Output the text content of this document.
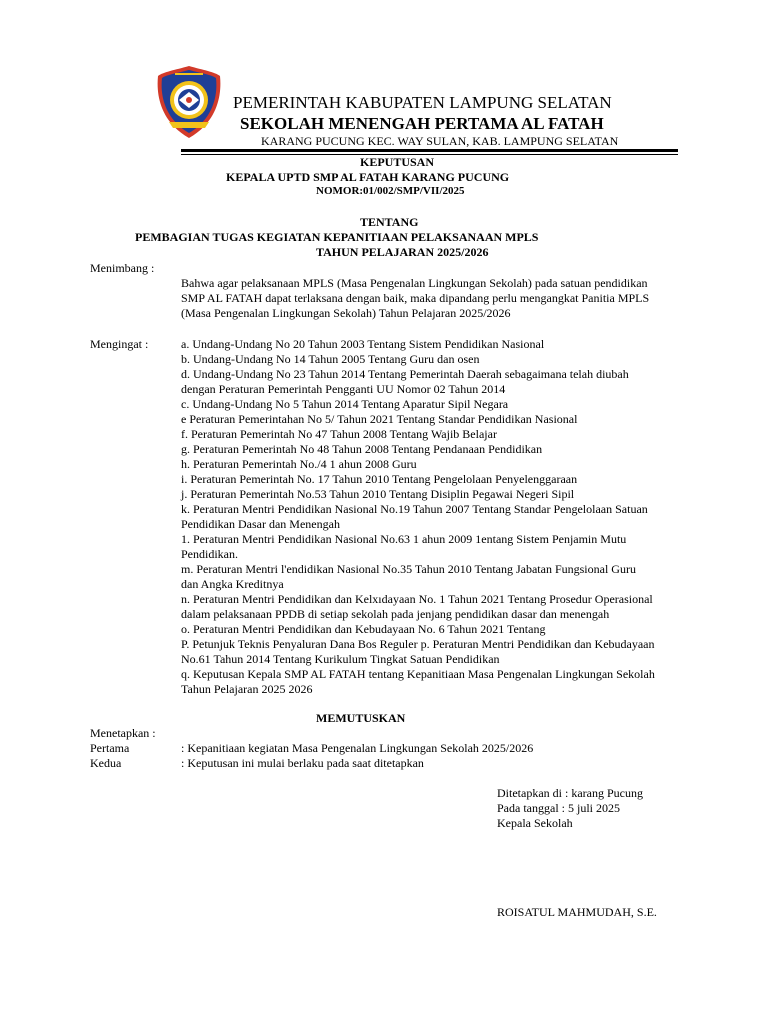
PEMERINTAH KABUPATEN LAMPUNG SELATAN
SEKOLAH MENENGAH PERTAMA AL FATAH
KARANG PUCUNG KEC. WAY SULAN, KAB. LAMPUNG SELATAN
KEPUTUSAN
KEPALA UPTD SMP AL FATAH KARANG PUCUNG
NOMOR:01/002/SMP/VII/2025
TENTANG
PEMBAGIAN TUGAS KEGIATAN KEPANITIAAN PELAKSANAAN MPLS
TAHUN PELAJARAN 2025/2026
Menimbang :

Bahwa agar pelaksanaan MPLS (Masa Pengenalan Lingkungan Sekolah) pada satuan pendidikan

SMP AL FATAH dapat terlaksana dengan baik, maka dipandang perlu mengangkat Panitia MPLS

(Masa Pengenalan Lingkungan Sekolah) Tahun Pelajaran 2025/2026

Mengingat :	a. Undang-Undang No 20 Tahun 2003 Tentang Sistem Pendidikan Nasional

b. Undang-Undang No 14 Tahun 2005 Tentang Guru dan osen

d. Undang-Undang No 23 Tahun 2014 Tentang Pemerintah Daerah sebagaimana telah diubah

dengan Peraturan Pemerintah Pengganti UU Nomor 02 Tahun 2014

c. Undang-Undang No 5 Tahun 2014 Tentang Aparatur Sipil Negara

e Peraturan Pemerintahan No 5/ Tahun 2021 Tentang Standar Pendidikan Nasional

f. Peraturan Pemerintah No 47 Tahun 2008 Tentang Wajib Belajar

g. Peraturan Pemerintah No 48 Tahun 2008 Tentang Pendanaan Pendidikan

h. Peraturan Pemerintah No./4 1 ahun 2008 Guru

i. Peraturan Pemerintah No. 17 Tahun 2010 Tentang Pengelolaan Penyelenggaraan

j. Peraturan Pemerintah No.53 Tahun 2010 Tentang Disiplin Pegawai Negeri Sipil

k. Peraturan Mentri Pendidikan Nasional No.19 Tahun 2007 Tentang Standar Pengelolaan Satuan

Pendidikan Dasar dan Menengah

1. Peraturan Mentri Pendidikan Nasional No.63 1 ahun 2009 1entang Sistem Penjamin Mutu

Pendidikan.

m. Peraturan Mentri l'endidikan Nasional No.35 Tahun 2010 Tentang Jabatan Fungsional Guru

dan Angka Kreditnya

n. Peraturan Mentri Pendidikan dan Kelxıdayaan No. 1 Tahun 2021 Tentang Prosedur Operasional

dalam pelaksanaan PPDB di setiap sekolah pada jenjang pendidikan dasar dan menengah

o. Peraturan Mentri Pendidikan dan Kebudayaan No. 6 Tahun 2021 Tentang

P. Petunjuk Teknis Penyaluran Dana Bos Reguler p. Peraturan Mentri Pendidikan dan Kebudayaan

No.61 Tahun 2014 Tentang Kurikulum Tingkat Satuan Pendidikan

q. Keputusan Kepala SMP AL FATAH tentang Kepanitiaan Masa Pengenalan Lingkungan Sekolah

Tahun Pelajaran 2025 2026

MEMUTUSKAN
Menetapkan :
Pertama	: Kepanitiaan kegiatan Masa Pengenalan Lingkungan Sekolah 2025/2026
Kedua	: Keputusan ini mulai berlaku pada saat ditetapkan
Ditetapkan di : karang Pucung
Pada tanggal : 5 juli 2025
Kepala Sekolah
ROISATUL MAHMUDAH, S.E.
